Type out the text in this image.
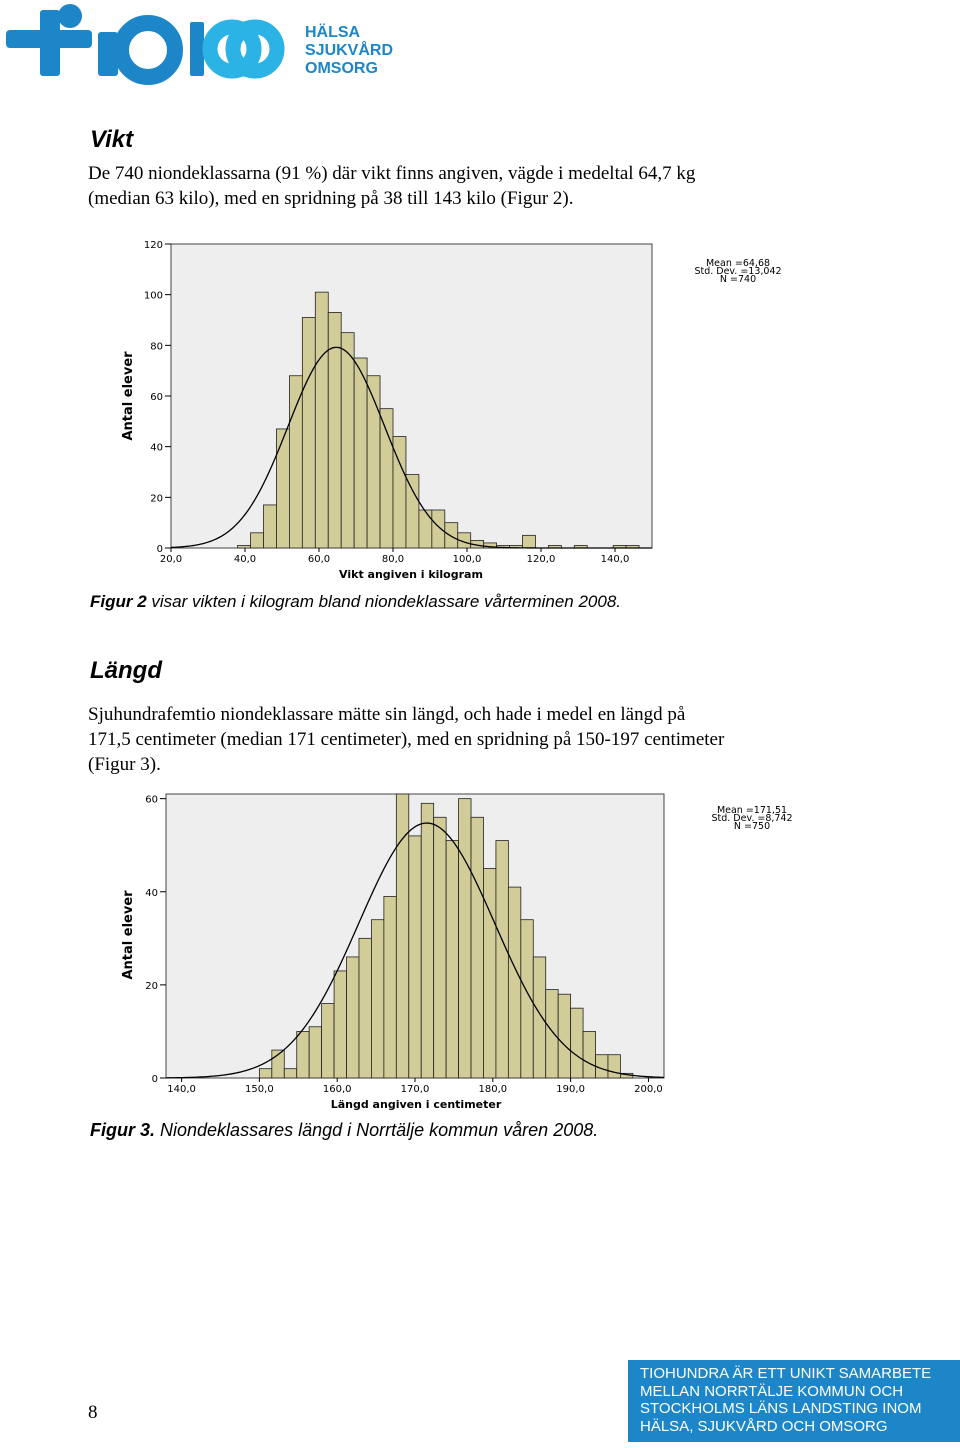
HÄLSA
SJUKVÅRD
OMSORG
Vikt
De 740 niondeklassarna (91 %) där vikt finns angiven, vägde i medeltal 64,7 kg
(median 63 kilo), med en spridning på 38 till 143 kilo (Figur 2).
0
20
40
60
80
100
120
20,0	40,0	60,0	80,0	100,0	120,0	140,0
Vikt angiven i kilogram
Antal elever
Mean =64,68
Std. Dev. =13,042
N =740
Figur 2 visar vikten i kilogram bland niondeklassare vårterminen 2008.
Längd
Sjuhundrafemtio niondeklassare mätte sin längd, och hade i medel en längd på
171,5 centimeter (median 171 centimeter), med en spridning på 150-197 centimeter
(Figur 3).
0
20
40
60
140,0	150,0	160,0	170,0	180,0	190,0	200,0
Längd angiven i centimeter
Antal elever
Mean =171,51
Std. Dev. =8,742
N =750
Figur 3. Niondeklassares längd i Norrtälje kommun våren 2008.
8
TIOHUNDRA ÄR ETT UNIKT SAMARBETE
MELLAN NORRTÄLJE KOMMUN OCH
STOCKHOLMS LÄNS LANDSTING INOM
HÄLSA, SJUKVÅRD OCH OMSORG
